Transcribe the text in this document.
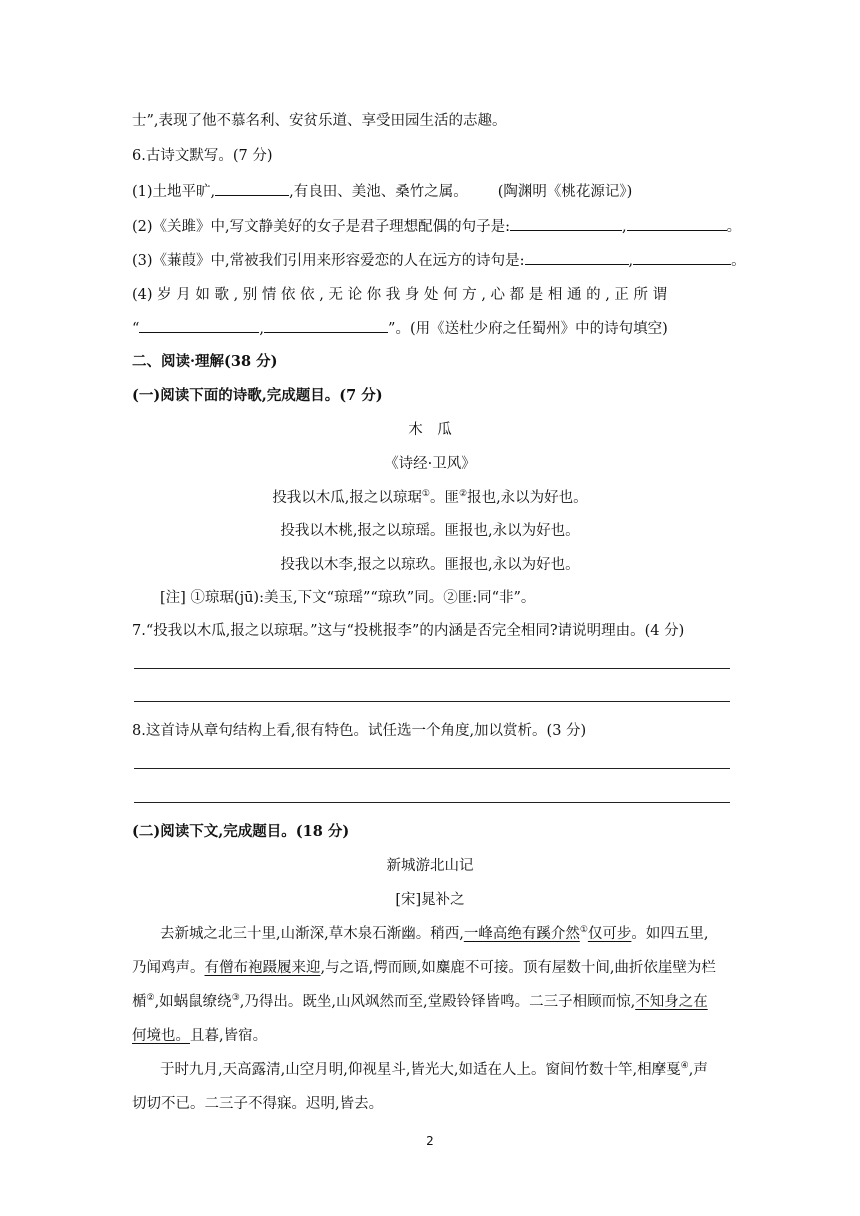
士”,表现了他不慕名利、安贫乐道、享受田园生活的志趣。
6.古诗文默写。(7 分)
(1)土地平旷,	,有良田、美池、桑竹之属。 (陶渊明《桃花源记》)
(2)《关雎》中,写文静美好的女子是君子理想配偶的句子是:	,	。
(3)《蒹葭》中,常被我们引用来形容爱恋的人在远方的诗句是:	,	。
(4) 岁 月 如 歌 , 别 情 依 依 , 无 论 你 我 身 处 何 方 , 心 都 是 相 通 的 , 正 所 谓
“	,	”。(用《送杜少府之任蜀州》中的诗句填空)
二、阅读·理解(38 分)
(一)阅读下面的诗歌,完成题目。(7 分)
木　瓜
《诗经·卫风》
投我以木瓜,报之以琼琚①。匪②报也,永以为好也。
投我以木桃,报之以琼瑶。匪报也,永以为好也。
投我以木李,报之以琼玖。匪报也,永以为好也。
[注] ①琼琚(jū):美玉,下文“琼瑶”“琼玖”同。②匪:同“非”。
7.“投我以木瓜,报之以琼琚。”这与“投桃报李”的内涵是否完全相同?请说明理由。(4 分)
8.这首诗从章句结构上看,很有特色。试任选一个角度,加以赏析。(3 分)
(二)阅读下文,完成题目。(18 分)
新城游北山记
[宋]晁补之
去新城之北三十里,山渐深,草木泉石渐幽。稍西,一峰高绝有蹊介然①仅可步。如四五里,
乃闻鸡声。有僧布袍蹑履来迎,与之语,愕而顾,如麋鹿不可接。顶有屋数十间,曲折依崖壁为栏
楯②,如蜗鼠缭绕③,乃得出。既坐,山风飒然而至,堂殿铃铎皆鸣。二三子相顾而惊,不知身之在
何境也。且暮,皆宿。
于时九月,天高露清,山空月明,仰视星斗,皆光大,如适在人上。窗间竹数十竿,相摩戛④,声
切切不已。二三子不得寐。迟明,皆去。
2
